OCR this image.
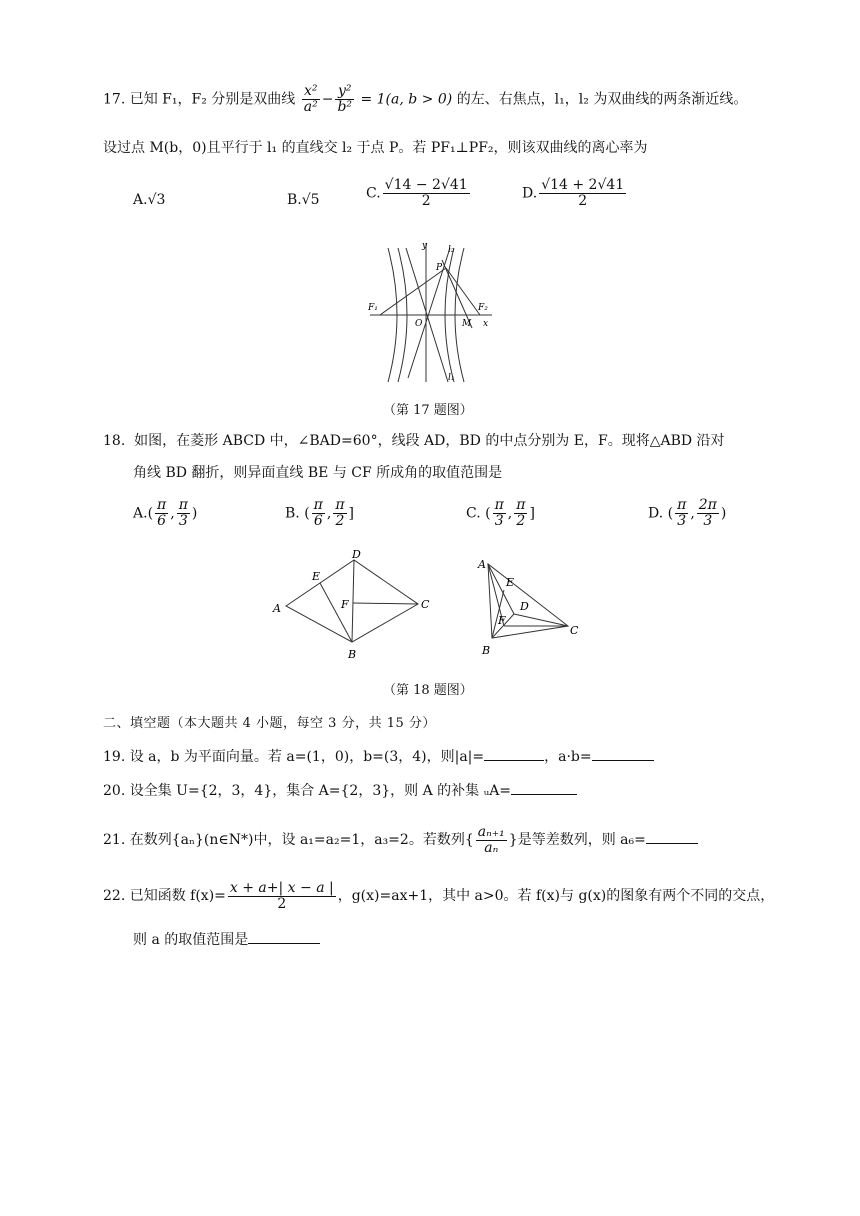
17. 已知 F₁，F₂ 分别是双曲线 $\frac{\text{x²}}{\text{a²}} - \frac{\text{y²}}{\text{b²}} = 1(a$, b > 0) 的左、右焦点，l₁，l₂ 为双曲线的两条渐近线。
设过点 M(b，0)且平行于 l₁ 的直线交 l₂ 于点 P。若 PF₁⊥PF₂，则该双曲线的离心率为
A.√3	B.√5	C. $\frac{√14 - 2√41}{2}$	D. $\frac{√14 + 2√41}{2}$
y l₂
P
F₁	F₂
O	M x
l₁
（第 17 题图）
18. 如图，在菱形 ABCD 中，∠BAD=60°，线段 AD，BD 的中点分别为 E，F。现将△ABD 沿对
角线 BD 翻折，则异面直线 BE 与 CF 所成角的取值范围是
$A.( \frac{\pi}{6}$ , $\frac{\pi}{3}$ )	B. ( $\frac{\pi}{6}$ , $\frac{\pi}{2}$ ]	C. ( $\frac{\pi}{3}$ , $\frac{\pi}{2}$ ]	D. ( $\frac{\pi}{3}$ , $\frac{2\pi}{3}$ )
A
D
E
F	C
B
A
E
D
F
C
B
（第 18 题图）
二、填空题（本大题共 4 小题，每空 3 分，共 15 分）
19. 设 a，b 为平面向量。若 a=(1，0)，b=(3，4)，则|a|=	，a·b=
20. 设全集 U={2，3，4}，集合 A={2，3}，则 A 的补集 ᵤA=
21. 在数列{aₙ}(n∈N*)中，设 a₁=a₂=1，a₃=2。若数列{ $\frac{\text{aₙ₊₁}}{\text{aₙ}}$ }是等差数列，则 a₆=
22. 已知函数 $f(x)= \frac{x + a+| x - a |}{2}$ ，g(x)=ax+1，其中 a>0。若 f(x)与 g(x)的图象有两个不同的交点，
则 a 的取值范围是
